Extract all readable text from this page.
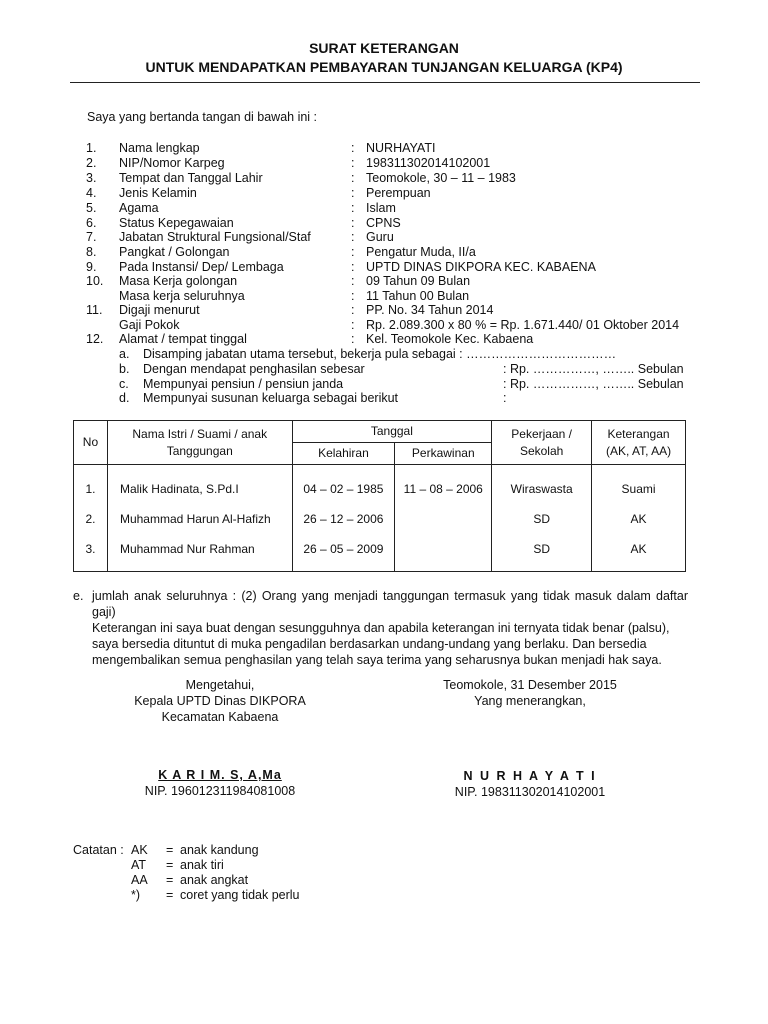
SURAT KETERANGAN
UNTUK MENDAPATKAN PEMBAYARAN TUNJANGAN KELUARGA (KP4)
Saya yang bertanda tangan di bawah ini :
1.	Nama lengkap	: NURHAYATI
2.	NIP/Nomor Karpeg	: 198311302014102001
3.	Tempat dan Tanggal Lahir	: Teomokole, 30 – 11 – 1983
4.	Jenis Kelamin	: Perempuan
5.	Agama	: Islam
6.	Status Kepegawaian	: CPNS
7.	Jabatan Struktural Fungsional/Staf	: Guru
8.	Pangkat / Golongan	: Pengatur Muda, II/a
9.	Pada Instansi/ Dep/ Lembaga	: UPTD DINAS DIKPORA KEC. KABAENA
10.	Masa Kerja golongan	: 09 Tahun 09 Bulan
Masa kerja seluruhnya	: 11 Tahun 00 Bulan
11.	Digaji menurut	: PP. No. 34 Tahun 2014
Gaji Pokok	: Rp. 2.089.300 x 80 % = Rp. 1.671.440/ 01 Oktober 2014
12.	Alamat / tempat tinggal	: Kel. Teomokole Kec. Kabaena
a. Disamping jabatan utama tersebut, bekerja pula sebagai : ………………………………
b. Dengan mendapat penghasilan sebesar	: Rp. ……………, …….. Sebulan
c. Mempunyai pensiun / pensiun janda	: Rp. ……………, …….. Sebulan
d. Mempunyai susunan keluarga sebagai berikut	:
No	Nama Istri / Suami / anak Tanggungan	Tanggal		Pekerjaan / Sekolah	Keterangan (AK, AT, AA)
		Kelahiran	Perkawinan		
1.	Malik Hadinata, S.Pd.I	04 – 02 – 1985	11 – 08 – 2006	Wiraswasta	Suami
2.	Muhammad Harun Al-Hafizh	26 – 12 – 2006		SD	AK
3.	Muhammad Nur Rahman	26 – 05 – 2009		SD	AK
e. jumlah anak seluruhnya : (2) Orang yang menjadi tanggungan termasuk yang tidak masuk dalam daftar gaji)
Keterangan ini saya buat dengan sesungguhnya dan apabila keterangan ini ternyata tidak benar (palsu),
saya bersedia dituntut di muka pengadilan berdasarkan undang-undang yang berlaku. Dan bersedia
mengembalikan semua penghasilan yang telah saya terima yang seharusnya bukan menjadi hak saya.
Mengetahui,
Kepala UPTD Dinas DIKPORA
Kecamatan Kabaena
K A R I M. S, A,Ma
NIP. 196012311984081008
Teomokole, 31 Desember 2015
Yang menerangkan,
N U R H A Y A T I
NIP. 198311302014102001
Catatan : AK = anak kandung
AT = anak tiri
AA = anak angkat
*) = coret yang tidak perlu
